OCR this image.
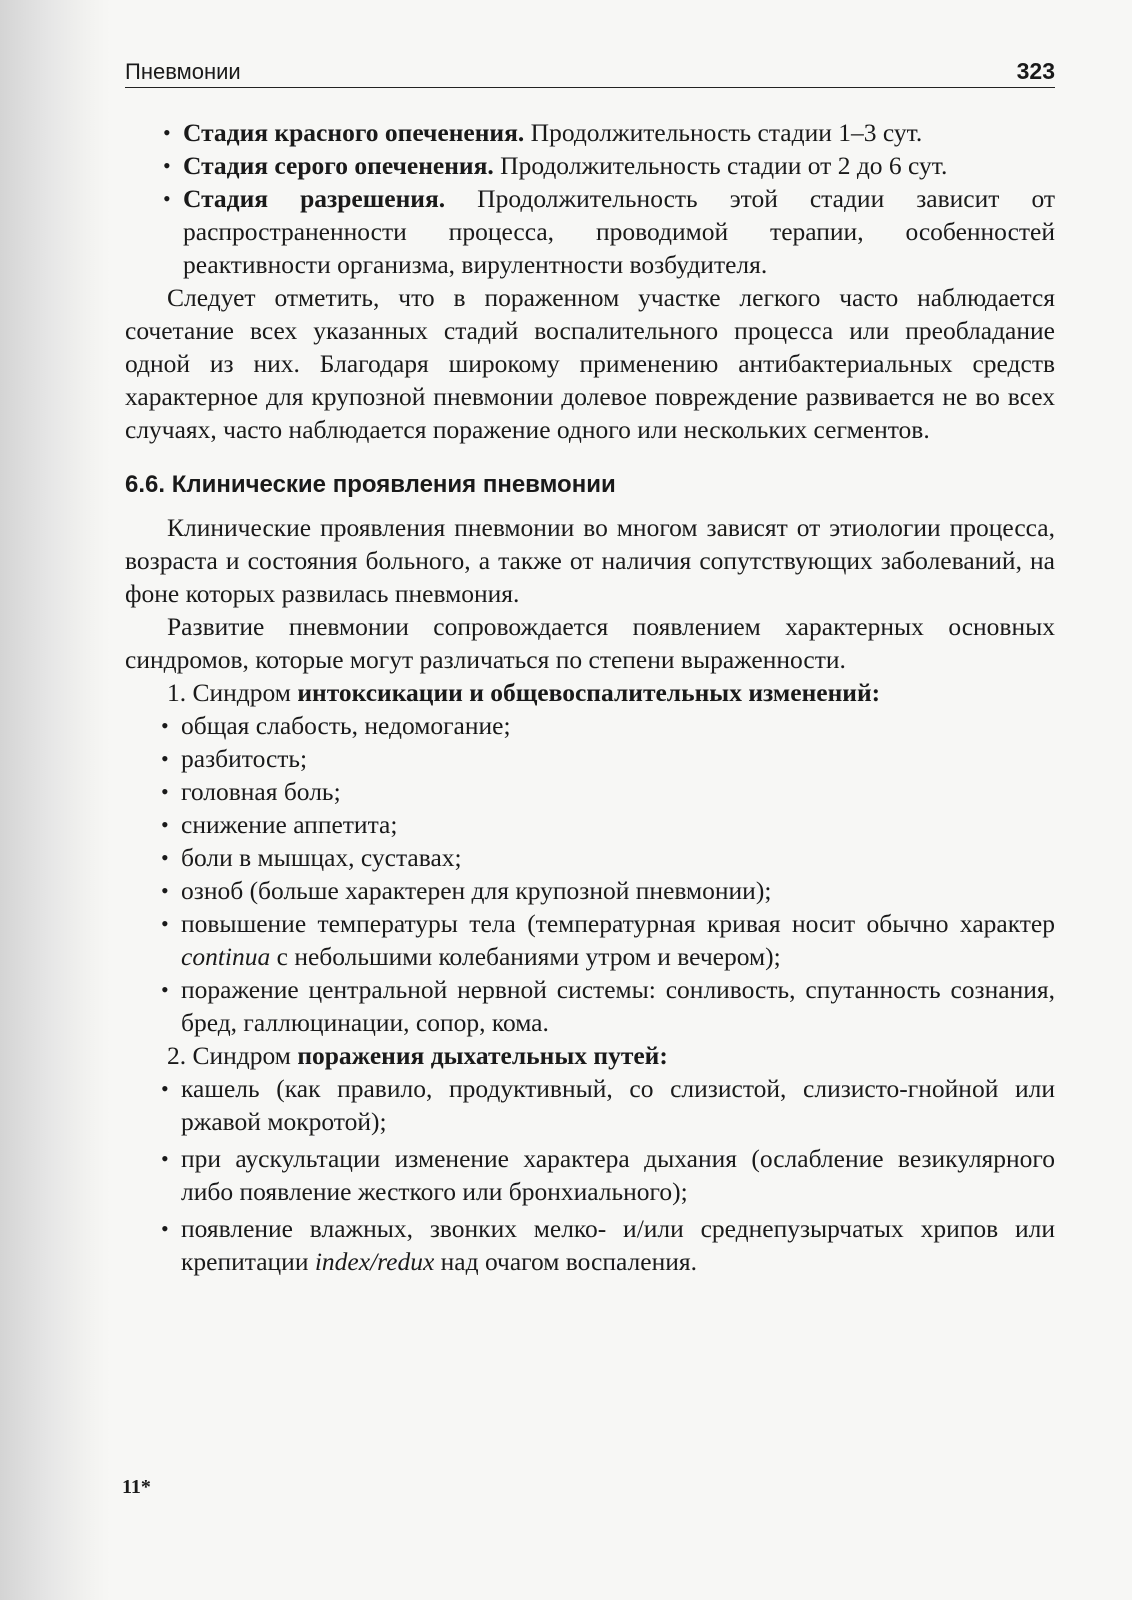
Пневмонии	323
• Стадия красного опеченения. Продолжительность стадии 1–3 сут.
• Стадия серого опеченения. Продолжительность стадии от 2 до 6 сут.
• Стадия разрешения. Продолжительность этой стадии зависит от распространенности процесса, проводимой терапии, особенностей реактивности организма, вирулентности возбудителя.

Следует отметить, что в пораженном участке легкого часто наблюдается сочетание всех указанных стадий воспалительного процесса или преобладание одной из них. Благодаря широкому применению антибактериальных средств характерное для крупозной пневмонии долевое повреждение развивается не во всех случаях, часто наблюдается поражение одного или нескольких сегментов.

6.6. Клинические проявления пневмонии

Клинические проявления пневмонии во многом зависят от этиологии процесса, возраста и состояния больного, а также от наличия сопутствующих заболеваний, на фоне которых развилась пневмония.

Развитие пневмонии сопровождается появлением характерных основных синдромов, которые могут различаться по степени выраженности.

1. Синдром интоксикации и общевоспалительных изменений:

• общая слабость, недомогание;
• разбитость;
• головная боль;
• снижение аппетита;
• боли в мышцах, суставах;
• озноб (больше характерен для крупозной пневмонии);
• повышение температуры тела (температурная кривая носит обычно характер continua с небольшими колебаниями утром и вечером);
• поражение центральной нервной системы: сонливость, спутанность сознания, бред, галлюцинации, сопор, кома.

2. Синдром поражения дыхательных путей:

• кашель (как правило, продуктивный, со слизистой, слизисто-гнойной или ржавой мокротой);
• при аускультации изменение характера дыхания (ослабление везикулярного либо появление жесткого или бронхиального);
• появление влажных, звонких мелко- и/или среднепузырчатых хрипов или крепитации index/redux над очагом воспаления.
11*
